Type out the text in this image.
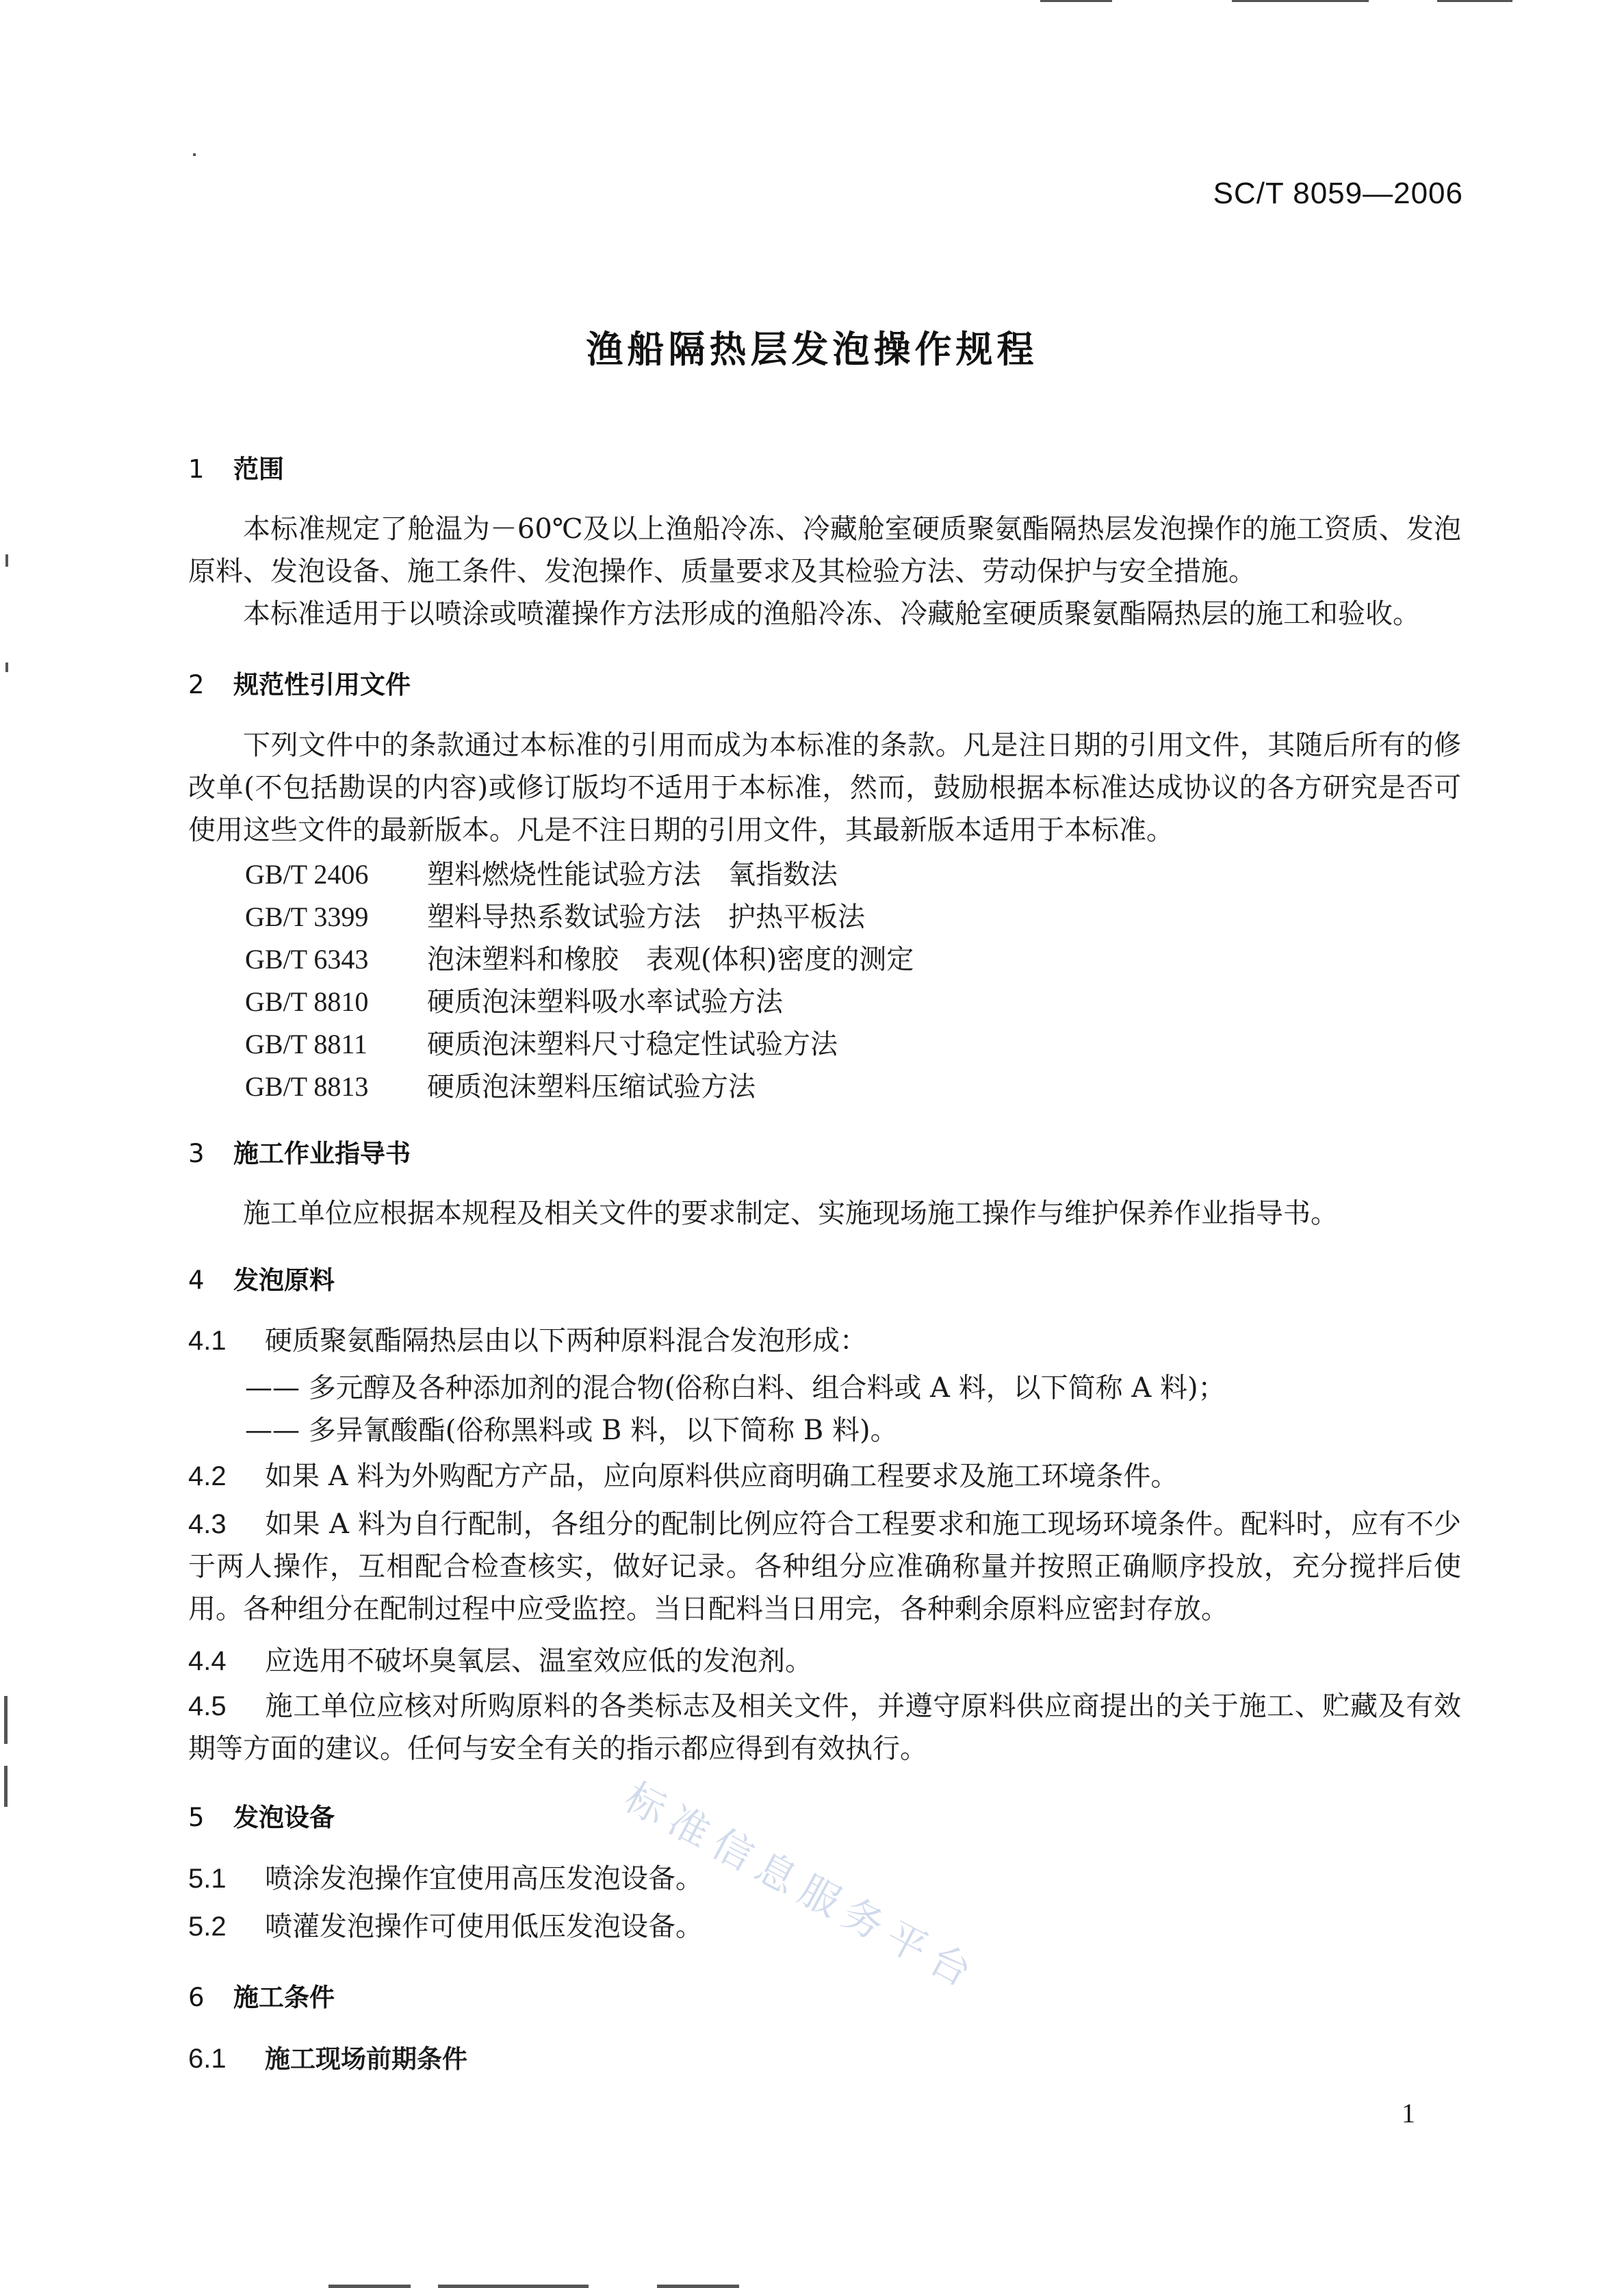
SC/T 8059—2006
渔船隔热层发泡操作规程
1 范围
本标准规定了舱温为－60℃及以上渔船冷冻、冷藏舱室硬质聚氨酯隔热层发泡操作的施工资质、发泡原料、发泡设备、施工条件、发泡操作、质量要求及其检验方法、劳动保护与安全措施。
本标准适用于以喷涂或喷灌操作方法形成的渔船冷冻、冷藏舱室硬质聚氨酯隔热层的施工和验收。
2 规范性引用文件
下列文件中的条款通过本标准的引用而成为本标准的条款。凡是注日期的引用文件，其随后所有的修改单(不包括勘误的内容)或修订版均不适用于本标准，然而，鼓励根据本标准达成协议的各方研究是否可使用这些文件的最新版本。凡是不注日期的引用文件，其最新版本适用于本标准。
GB/T 2406 塑料燃烧性能试验方法　氧指数法
GB/T 3399 塑料导热系数试验方法　护热平板法
GB/T 6343 泡沫塑料和橡胶　表观(体积)密度的测定
GB/T 8810 硬质泡沫塑料吸水率试验方法
GB/T 8811 硬质泡沫塑料尺寸稳定性试验方法
GB/T 8813 硬质泡沫塑料压缩试验方法
3 施工作业指导书
施工单位应根据本规程及相关文件的要求制定、实施现场施工操作与维护保养作业指导书。
4 发泡原料
4.1 硬质聚氨酯隔热层由以下两种原料混合发泡形成：
—— 多元醇及各种添加剂的混合物(俗称白料、组合料或 A 料，以下简称 A 料)；
—— 多异氰酸酯(俗称黑料或 B 料，以下简称 B 料)。
4.2 如果 A 料为外购配方产品，应向原料供应商明确工程要求及施工环境条件。
4.3 如果 A 料为自行配制，各组分的配制比例应符合工程要求和施工现场环境条件。配料时，应有不少于两人操作，互相配合检查核实，做好记录。各种组分应准确称量并按照正确顺序投放，充分搅拌后使用。各种组分在配制过程中应受监控。当日配料当日用完，各种剩余原料应密封存放。
4.4 应选用不破坏臭氧层、温室效应低的发泡剂。
4.5 施工单位应核对所购原料的各类标志及相关文件，并遵守原料供应商提出的关于施工、贮藏及有效期等方面的建议。任何与安全有关的指示都应得到有效执行。
5 发泡设备
5.1 喷涂发泡操作宜使用高压发泡设备。
5.2 喷灌发泡操作可使用低压发泡设备。
6 施工条件
6.1 施工现场前期条件
标准信息服务平台
1
